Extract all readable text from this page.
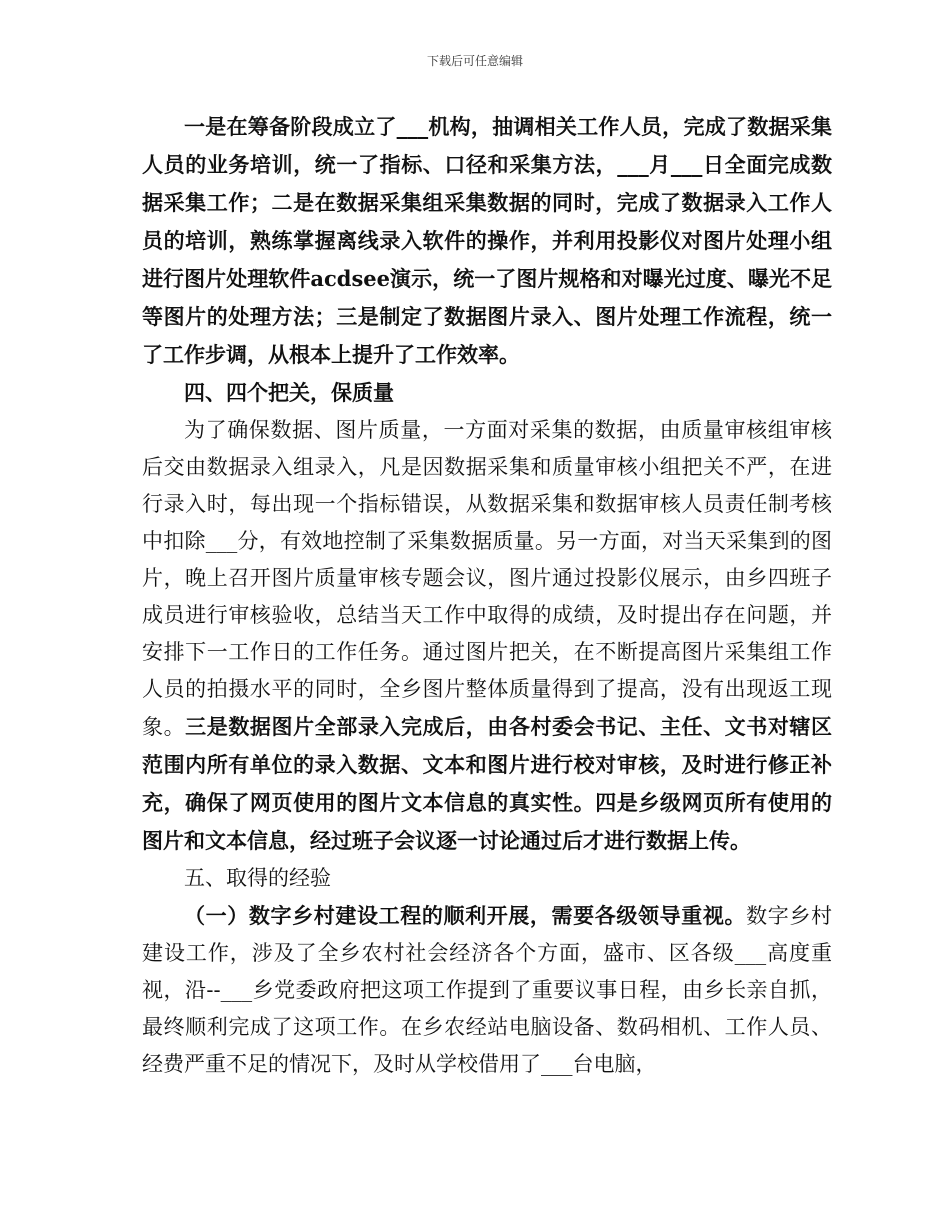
下载后可任意编辑

一是在筹备阶段成立了___机构，抽调相关工作人员，完成了数据采集人员的业务培训，统一了指标、口径和采集方法，___月___日全面完成数据采集工作；二是在数据采集组采集数据的同时，完成了数据录入工作人员的培训，熟练掌握离线录入软件的操作，并利用投影仪对图片处理小组进行图片处理软件acdsee演示，统一了图片规格和对曝光过度、曝光不足等图片的处理方法；三是制定了数据图片录入、图片处理工作流程，统一了工作步调，从根本上提升了工作效率。

四、四个把关，保质量

为了确保数据、图片质量，一方面对采集的数据，由质量审核组审核后交由数据录入组录入，凡是因数据采集和质量审核小组把关不严，在进行录入时，每出现一个指标错误，从数据采集和数据审核人员责任制考核中扣除___分，有效地控制了采集数据质量。另一方面，对当天采集到的图片，晚上召开图片质量审核专题会议，图片通过投影仪展示，由乡四班子成员进行审核验收，总结当天工作中取得的成绩，及时提出存在问题，并安排下一工作日的工作任务。通过图片把关，在不断提高图片采集组工作人员的拍摄水平的同时，全乡图片整体质量得到了提高，没有出现返工现象。三是数据图片全部录入完成后，由各村委会书记、主任、文书对辖区范围内所有单位的录入数据、文本和图片进行校对审核，及时进行修正补充，确保了网页使用的图片文本信息的真实性。四是乡级网页所有使用的图片和文本信息，经过班子会议逐一讨论通过后才进行数据上传。

五、取得的经验

（一）数字乡村建设工程的顺利开展，需要各级领导重视。数字乡村建设工作，涉及了全乡农村社会经济各个方面，盛市、区各级___高度重视，沿--___乡党委政府把这项工作提到了重要议事日程，由乡长亲自抓，最终顺利完成了这项工作。在乡农经站电脑设备、数码相机、工作人员、经费严重不足的情况下，及时从学校借用了___台电脑，
